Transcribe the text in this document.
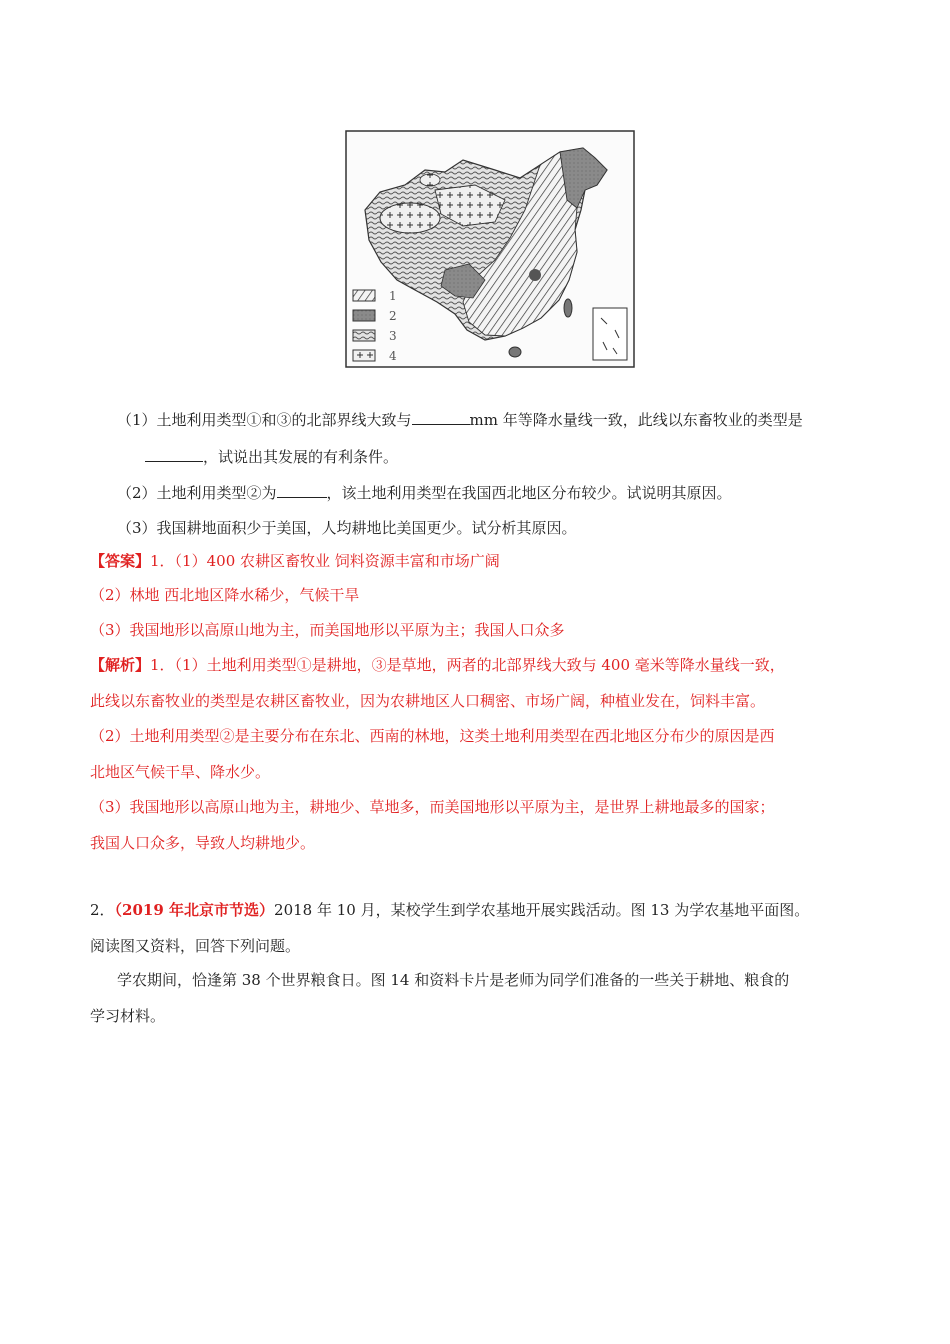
1
2
3
4
（1）土地利用类型①和③的北部界线大致与	mm 年等降水量线一致，此线以东畜牧业的类型是
，试说出其发展的有利条件。
（2）土地利用类型②为	，该土地利用类型在我国西北地区分布较少。试说明其原因。
（3）我国耕地面积少于美国，人均耕地比美国更少。试分析其原因。
【答案】1．（1）400 农耕区畜牧业 饲料资源丰富和市场广阔
（2）林地 西北地区降水稀少，气候干旱
（3）我国地形以高原山地为主，而美国地形以平原为主；我国人口众多
【解析】1．（1）土地利用类型①是耕地，③是草地，两者的北部界线大致与 400 毫米等降水量线一致，
此线以东畜牧业的类型是农耕区畜牧业，因为农耕地区人口稠密、市场广阔，种植业发在，饲料丰富。
（2）土地利用类型②是主要分布在东北、西南的林地，这类土地利用类型在西北地区分布少的原因是西
北地区气候干旱、降水少。
（3）我国地形以高原山地为主，耕地少、草地多，而美国地形以平原为主，是世界上耕地最多的国家；
我国人口众多，导致人均耕地少。
2．（2019 年北京市节选）2018 年 10 月，某校学生到学农基地开展实践活动。图 13 为学农基地平面图。
阅读图又资料，回答下列问题。
学农期间，恰逢第 38 个世界粮食日。图 14 和资料卡片是老师为同学们准备的一些关于耕地、粮食的
学习材料。
